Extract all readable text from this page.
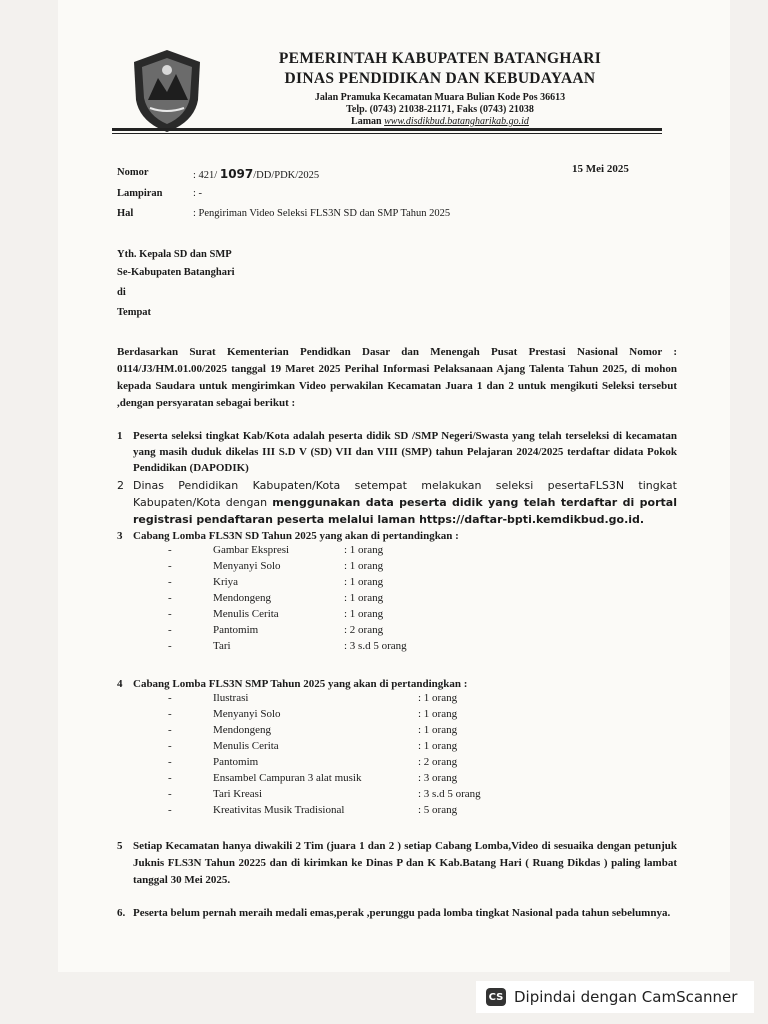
PEMERINTAH KABUPATEN BATANGHARI
DINAS PENDIDIKAN DAN KEBUDAYAAN
Jalan Pramuka Kecamatan Muara Bulian Kode Pos 36613
Telp. (0743) 21038-21171, Faks (0743) 21038
Laman www.disdikbud.batangharikab.go.id
Nomor	: 421/ 1097/DD/PDK/2025
15 Mei 2025
Lampiran	: -
Hal	: Pengiriman Video Seleksi FLS3N SD dan SMP Tahun 2025
Yth. Kepala SD dan SMP
Se-Kabupaten Batanghari
di
Tempat
Berdasarkan Surat Kementerian Pendidkan Dasar dan Menengah Pusat Prestasi Nasional Nomor : 0114/J3/HM.01.00/2025 tanggal 19 Maret 2025 Perihal Informasi Pelaksanaan Ajang Talenta Tahun 2025, di mohon kepada Saudara untuk mengirimkan Video perwakilan Kecamatan Juara 1 dan 2 untuk mengikuti Seleksi tersebut ,dengan persyaratan sebagai berikut :
1 Peserta seleksi tingkat Kab/Kota adalah peserta didik SD /SMP Negeri/Swasta yang telah terseleksi di kecamatan yang masih duduk dikelas III S.D V (SD) VII dan VIII (SMP) tahun Pelajaran 2024/2025 terdaftar didata Pokok Pendidikan (DAPODIK)
2 Dinas Pendidikan Kabupaten/Kota setempat melakukan seleksi pesertaFLS3N tingkat Kabupaten/Kota dengan menggunakan data peserta didik yang telah terdaftar di portal registrasi pendaftaran peserta melalui laman https://daftar-bpti.kemdikbud.go.id.
3 Cabang Lomba FLS3N SD Tahun 2025 yang akan di pertandingkan :
-	Gambar Ekspresi	: 1 orang
-	Menyanyi Solo	: 1 orang
-	Kriya	: 1 orang
-	Mendongeng	: 1 orang
-	Menulis Cerita	: 1 orang
-	Pantomim	: 2 orang
-	Tari	: 3 s.d 5 orang
4 Cabang Lomba FLS3N SMP Tahun 2025 yang akan di pertandingkan :
-	Ilustrasi	: 1 orang
-	Menyanyi Solo	: 1 orang
-	Mendongeng	: 1 orang
-	Menulis Cerita	: 1 orang
-	Pantomim	: 2 orang
-	Ensambel Campuran 3 alat musik	: 3 orang
-	Tari Kreasi	: 3 s.d 5 orang
-	Kreativitas Musik Tradisional	: 5 orang
5 Setiap Kecamatan hanya diwakili 2 Tim (juara 1 dan 2 ) setiap Cabang Lomba,Video di sesuaika dengan petunjuk Juknis FLS3N Tahun 20225 dan di kirimkan ke Dinas P dan K Kab.Batang Hari ( Ruang Dikdas ) paling lambat tanggal 30 Mei 2025.
6. Peserta belum pernah meraih medali emas,perak ,perunggu pada lomba tingkat Nasional pada tahun sebelumnya.
CS Dipindai dengan CamScanner
